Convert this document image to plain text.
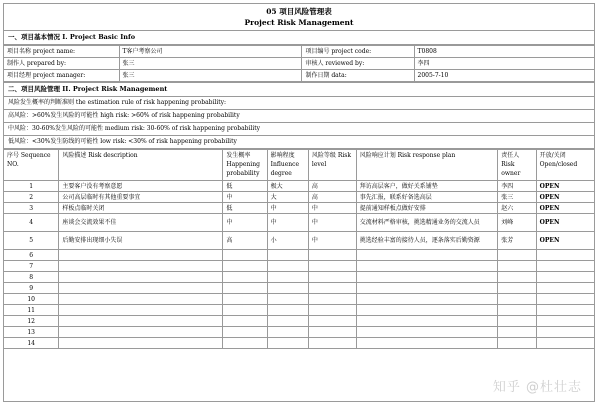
05 项目风险管理表
Project Risk Management
一、项目基本情况 I. Project Basic Info
项目名称 project name:	T客户考察公司	项目编号 project code:	T0808
制作人 prepared by:	张三	审核人 reviewed by:	李四
项目经理 project manager:	张三	制作日期 data:	2005-7-10
二、项目风险管理 II. Project Risk Management
风险发生概率的判断准则 the estimation rule of risk happening probability:
高风险：>60%发生风险的可能性 high risk: >60% of risk happening probability
中风险：30-60%发生风险的可能性 medium risk: 30-60% of risk happening probability
低风险：<30%发生防线的可能性 low risk: <30% of risk happening probability
序号 Sequence NO.	风险描述 Risk description	发生概率 Happening probability	影响程度 Influence degree	风险等级 Risk level	风险响应计划 Risk response plan	责任人 Risk owner	开放/关闭 Open/closed
1	主要客户没有考察意愿	低	极大	高	拜访高层客户，做好关系铺垫	李四	OPEN
2	公司高层临时有其他重要事宜	中	大	高	事先汇报，联系好备选高层	张三	OPEN
3	样板点临时关闭	低	中	中	提前通知样板点做好安排	赵六	OPEN
4	座谈会交流效果不佳	中	中	中	交流材料严格审核，挑选精通业务的交流人员	刘峰	OPEN
5	后勤安排出现细小失误	高	小	中	挑选经验丰富的接待人员，逐条落实后勤资源	张芳	OPEN
6							
7							
8							
9							
10							
11							
12							
13							
14							
知乎 @杜壮志
